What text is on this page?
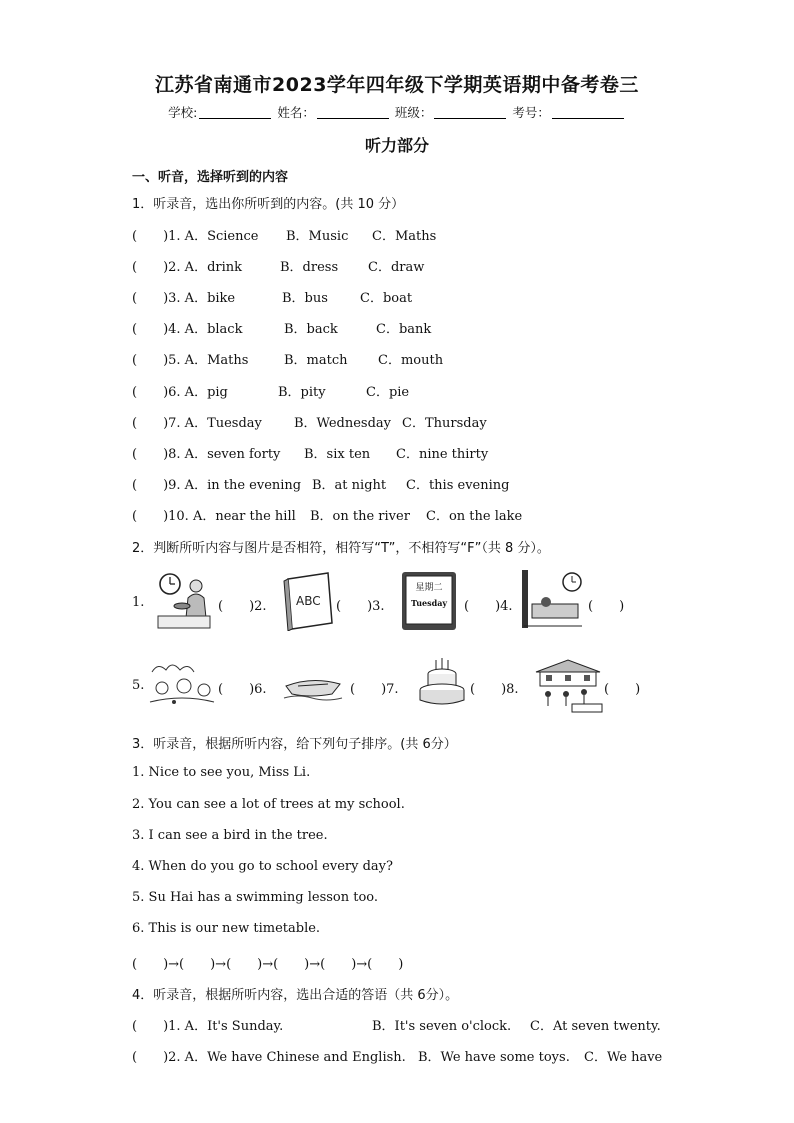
江苏省南通市2023学年四年级下学期英语期中备考卷三
学校:	姓名：	班级：	考号：
听力部分
一、听音，选择听到的内容
1．听录音，选出你所听到的内容。(共 10 分）
(　　)1. A．Science B．Music C．Maths
(　　)2. A．drink	B．dress C．draw
(　　)3. A．bike	B．bus C．boat
(　　)4. A．black	B．back	C．bank
(　　)5. A．Maths	B．match C．mouth
(　　)6. A．pig	B．pity	C．pie
(　　)7. A．Tuesday B．Wednesday C．Thursday
(　　)8. A．seven forty B．six ten C．nine thirty
(　　)9. A．in the evening B．at night C．this evening
(　　)10. A．near the hill B．on the river C．on the lake
2．判断所听内容与图片是否相符，相符写“T”，不相符写“F”（共 8 分）。
1.	(　　)2.	(　　)3.	(　　)4.	(　　)
ABC
星期二
Tuesday
5.	(　　)6.	(　　)7.	(　　)8.	(　　)
3．听录音，根据所听内容，给下列句子排序。(共 6分）
1. Nice to see you, Miss Li.
2. You can see a lot of trees at my school.
3. I can see a bird in the tree.
4. When do you go to school every day?
5. Su Hai has a swimming lesson too.
6. This is our new timetable.
(　　)→(　　)→(　　)→(　　)→(　　)→(　　)
4．听录音，根据所听内容，选出合适的答语（共 6分）。
(　　)1. A．It's Sunday.	B．It's seven o'clock. C．At seven twenty.
(　　)2. A．We have Chinese and English. B．We have some toys. C．We have
